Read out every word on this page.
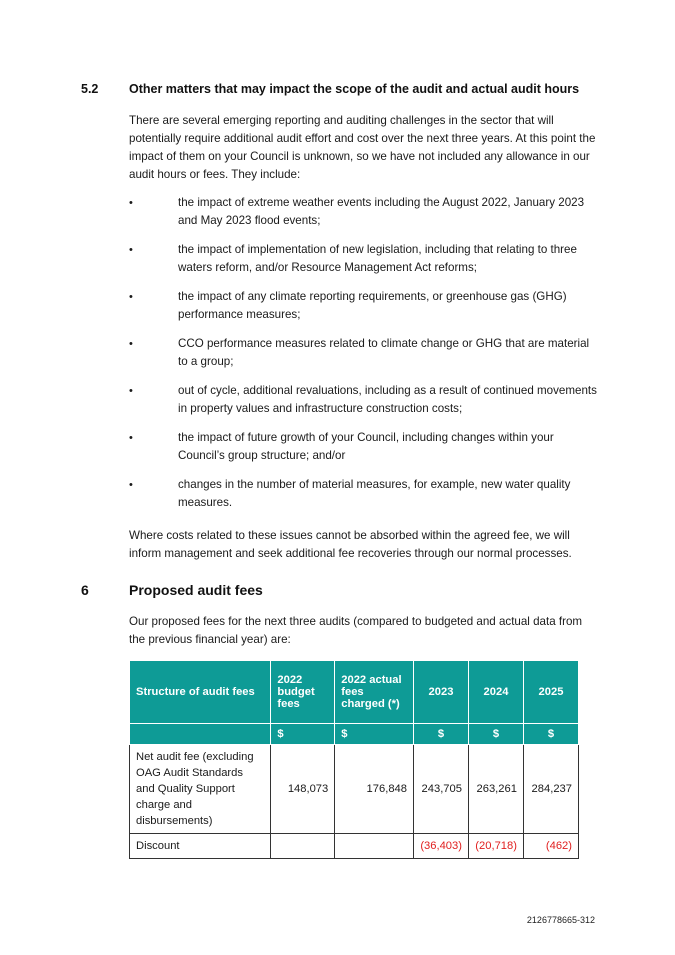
5.2 Other matters that may impact the scope of the audit and actual audit hours

There are several emerging reporting and auditing challenges in the sector that will potentially require additional audit effort and cost over the next three years. At this point the impact of them on your Council is unknown, so we have not included any allowance in our audit hours or fees. They include:

•	the impact of extreme weather events including the August 2022, January 2023 and May 2023 flood events;
•	the impact of implementation of new legislation, including that relating to three waters reform, and/or Resource Management Act reforms;
•	the impact of any climate reporting requirements, or greenhouse gas (GHG) performance measures;
•	CCO performance measures related to climate change or GHG that are material to a group;
•	out of cycle, additional revaluations, including as a result of continued movements in property values and infrastructure construction costs;
•	the impact of future growth of your Council, including changes within your Council’s group structure; and/or
•	changes in the number of material measures, for example, new water quality measures.

Where costs related to these issues cannot be absorbed within the agreed fee, we will inform management and seek additional fee recoveries through our normal processes.

6	Proposed audit fees

Our proposed fees for the next three audits (compared to budgeted and actual data from the previous financial year) are:

Structure of audit fees	2022 budget fees	2022 actual fees charged (*)	2023	2024	2025
	$	$	$	$	$
Net audit fee (excluding OAG Audit Standards and Quality Support charge and disbursements)	148,073	176,848	243,705	263,261	284,237
Discount			(36,403)	(20,718)	(462)
2126778665-312
